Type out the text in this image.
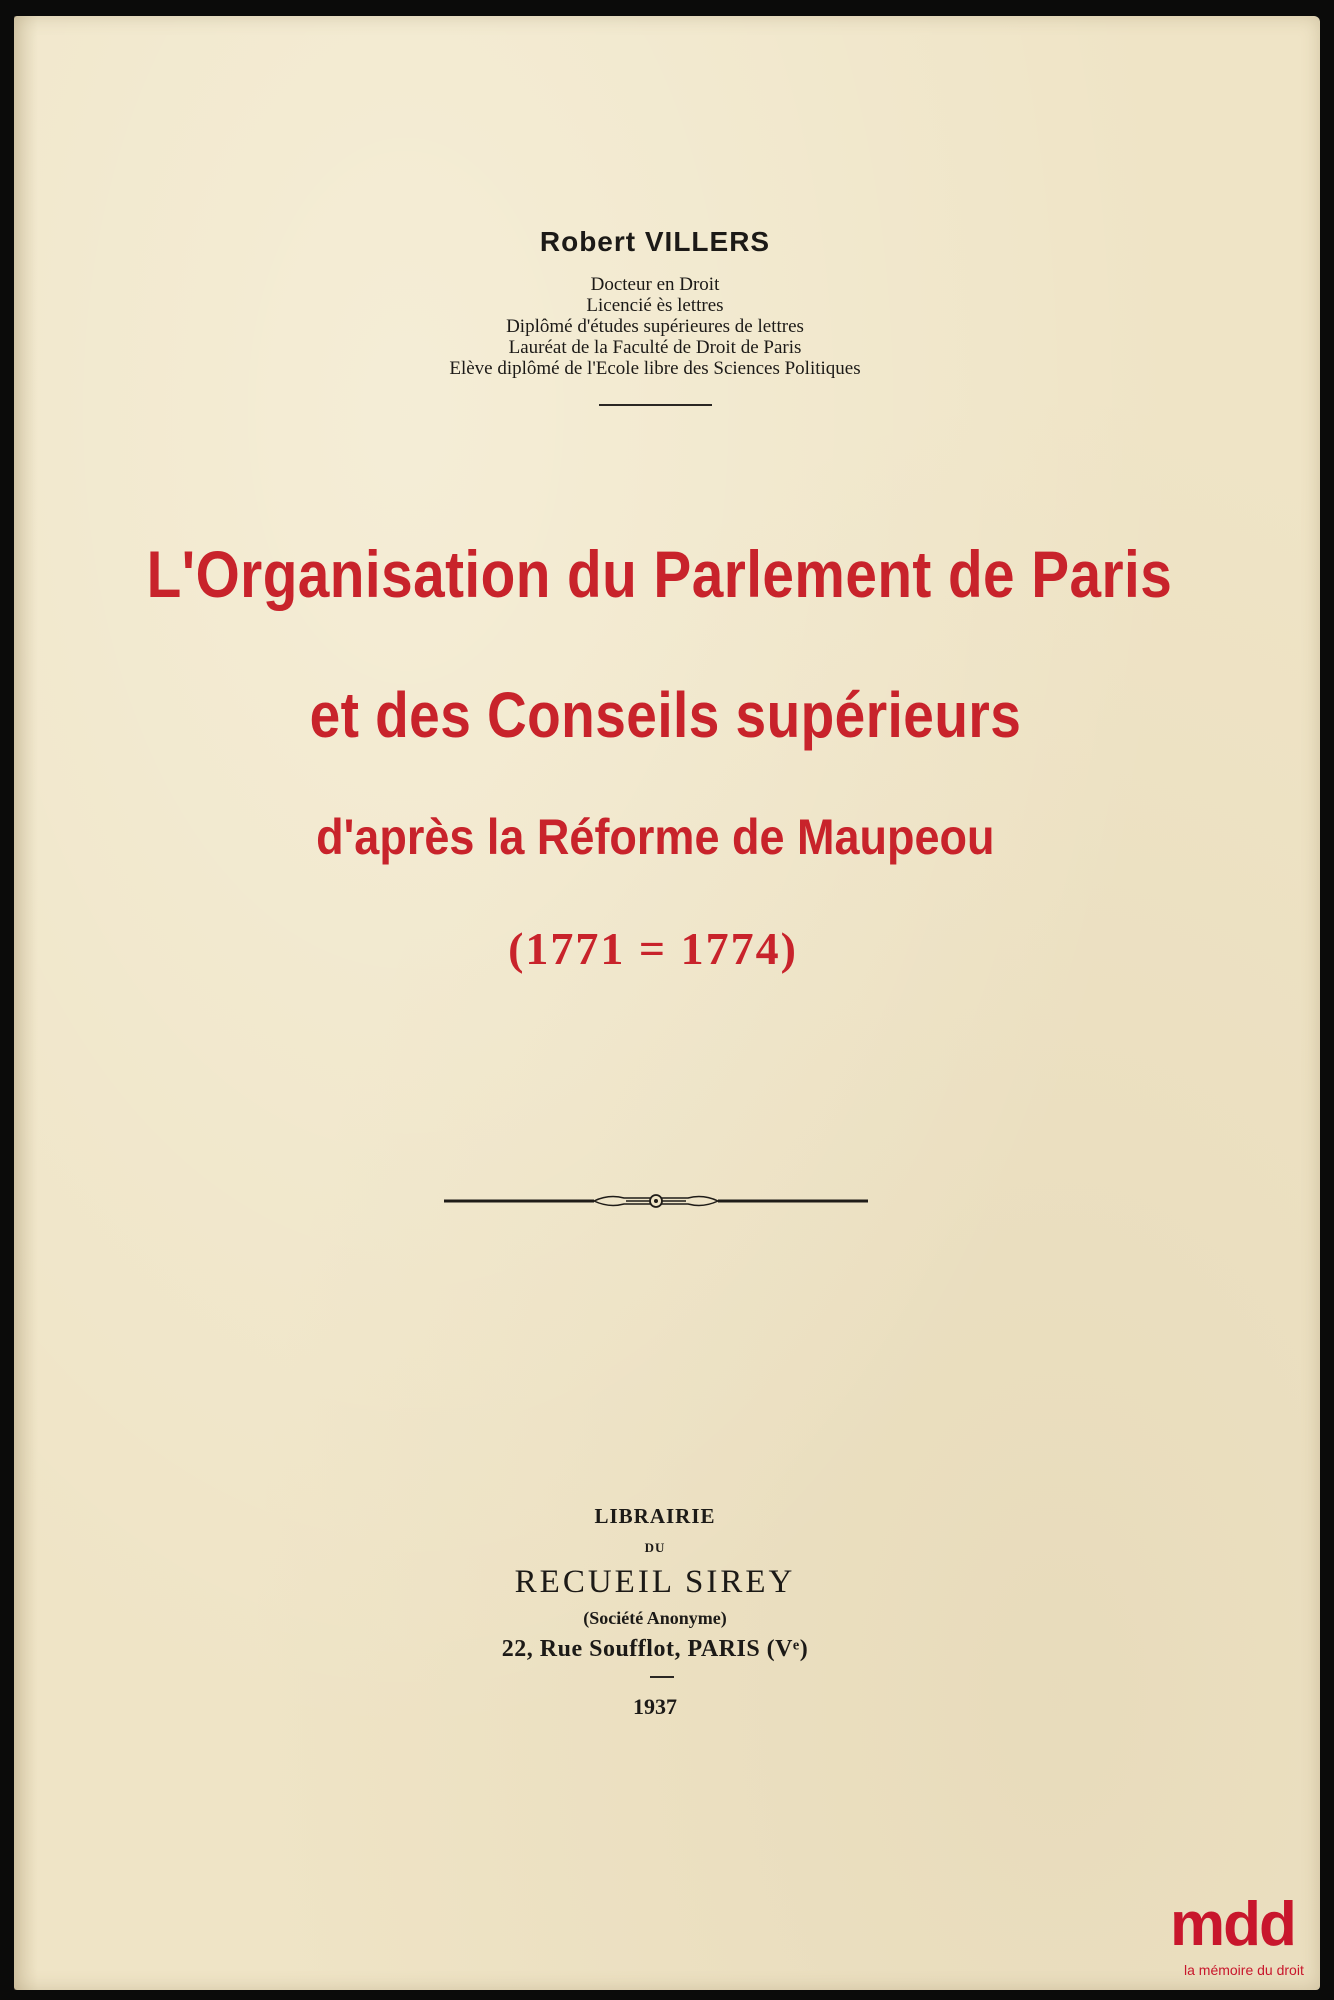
Robert VILLERS
Docteur en Droit
Licencié ès lettres
Diplômé d'études supérieures de lettres
Lauréat de la Faculté de Droit de Paris
Elève diplômé de l'Ecole libre des Sciences Politiques
L'Organisation du Parlement de Paris
et des Conseils supérieurs
d'après la Réforme de Maupeou
(1771 = 1774)
LIBRAIRIE
DU
RECUEIL SIREY
(Société Anonyme)
22, Rue Soufflot, PARIS (Vᵉ)
1937
mdd
la mémoire du droit
